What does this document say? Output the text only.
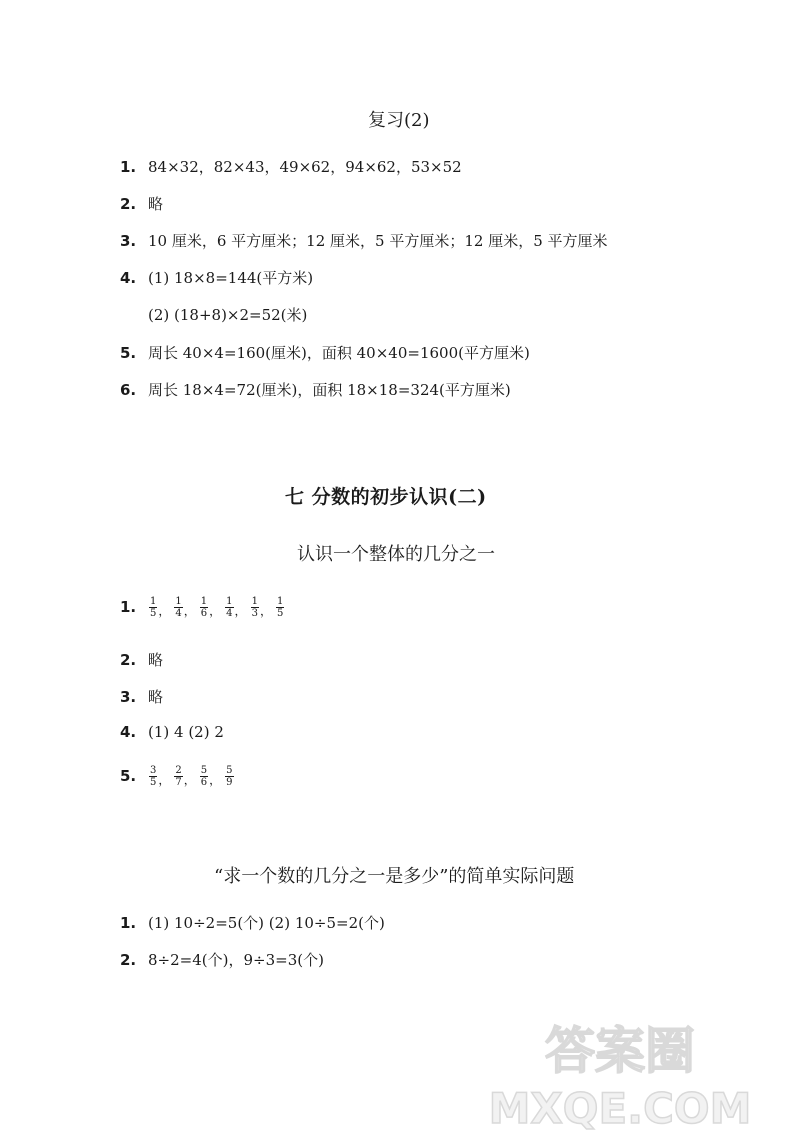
复习(2)
1. 84×32，82×43，49×62，94×62，53×52
2. 略
3. 10 厘米，6 平方厘米；12 厘米，5 平方厘米；12 厘米，5 平方厘米
4. (1) 18×8=144(平方米)
(2) (18+8)×2=52(米)
5. 周长 40×4=160(厘米)，面积 40×40=1600(平方厘米)
6. 周长 18×4=72(厘米)，面积 18×18=324(平方厘米)
七 分数的初步认识(二)
认识一个整体的几分之一
1. $\frac{1}{5}$ ， $\frac{1}{4}$ ， $\frac{1}{6}$ ， $\frac{1}{4}$ ， $\frac{1}{3}$ ， $\frac{1}{5}$
2. 略
3. 略
4. (1) 4 (2) 2
5. $\frac{3}{5}$ ， $\frac{2}{7}$ ， $\frac{5}{6}$ ， $\frac{5}{9}$
“求一个数的几分之一是多少”的简单实际问题
1. (1) 10÷2=5(个) (2) 10÷5=2(个)
2. 8÷2=4(个)，9÷3=3(个)
答案圈
MXQE.COM
